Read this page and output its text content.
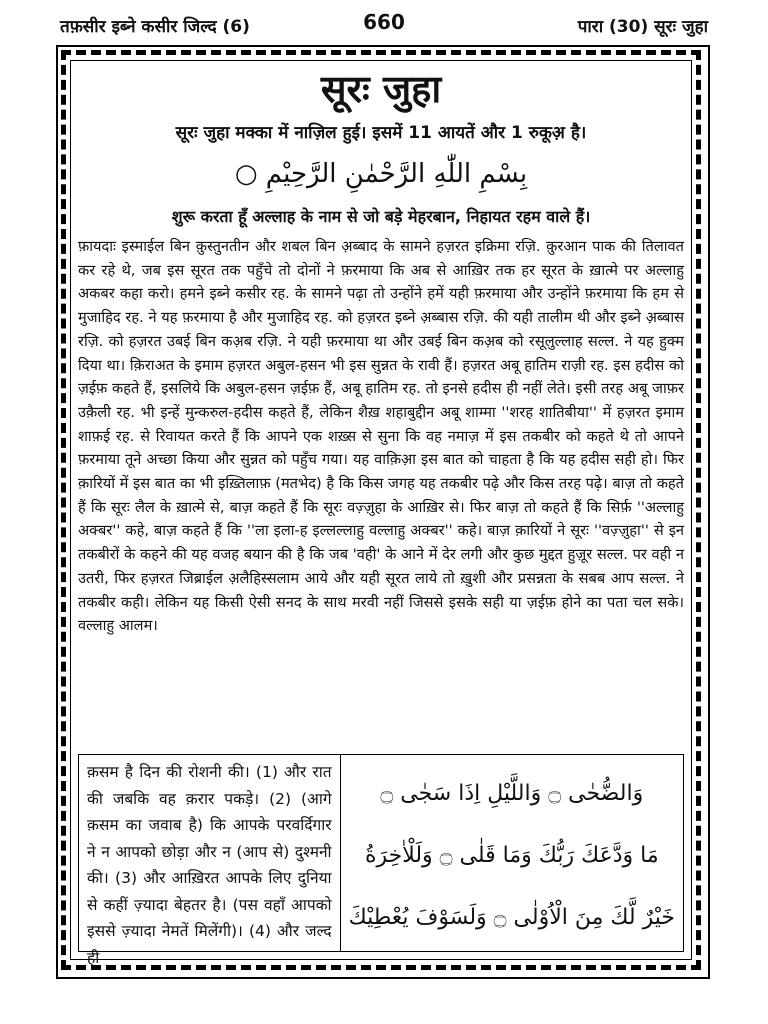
तफ़सीर इब्ने कसीर जिल्द (6)	660	पारा (30) सूरः जुहा
सूरः जुहा
सूरः जुहा मक्का में नाज़िल हुई। इसमें 11 आयतें और 1 रुकूअ़ है।
بِسْمِ اللّٰهِ الرَّحْمٰنِ الرَّحِيْمِ ○
शुरू करता हूँ अल्लाह के नाम से जो बड़े मेहरबान, निहायत रहम वाले हैं।
फ़ायदाः इस्माईल बिन क़ुस्तुनतीन और शबल बिन अ़ब्बाद के सामने हज़रत इक्रिमा रज़ि. क़ुरआन पाक की तिलावत कर रहे थे, जब इस सूरत तक पहुँचे तो दोनों ने फ़रमाया कि अब से आख़िर तक हर सूरत के ख़ात्मे पर अल्लाहु अकबर कहा करो। हमने इब्ने कसीर रह. के सामने पढ़ा तो उन्होंने हमें यही फ़रमाया और उन्होंने फ़रमाया कि हम से मुजाहिद रह. ने यह फ़रमाया है और मुजाहिद रह. को हज़रत इब्ने अ़ब्बास रज़ि. की यही तालीम थी और इब्ने अ़ब्बास रज़ि. को हज़रत उबई बिन कअ़ब रज़ि. ने यही फ़रमाया था और उबई बिन कअ़ब को रसूलुल्लाह सल्ल. ने यह हुक्म दिया था। क़िराअत के इमाम हज़रत अबुल-हसन भी इस सुन्नत के रावी हैं। हज़रत अबू हातिम राज़ी रह. इस हदीस को ज़ईफ़ कहते हैं, इसलिये कि अबुल-हसन ज़ईफ़ हैं, अबू हातिम रह. तो इनसे हदीस ही नहीं लेते। इसी तरह अबू जाफ़र उक़ैली रह. भी इन्हें मुन्करुल-हदीस कहते हैं, लेकिन शैख़ शहाबुद्दीन अबू शाम्मा ''शरह शातिबीया'' में हज़रत इमाम शाफ़ई रह. से रिवायत करते हैं कि आपने एक शख़्स से सुना कि वह नमाज़ में इस तकबीर को कहते थे तो आपने फ़रमाया तूने अच्छा किया और सुन्नत को पहुँच गया। यह वाक़िआ़ इस बात को चाहता है कि यह हदीस सही हो। फिर क़ारियों में इस बात का भी इख़्तिलाफ़ (मतभेद) है कि किस जगह यह तकबीर पढ़े और किस तरह पढ़े। बाज़ तो कहते हैं कि सूरः लैल के ख़ात्मे से, बाज़ कहते हैं कि सूरः वज़्ज़ुहा के आख़िर से। फिर बाज़ तो कहते हैं कि सिर्फ़ ''अल्लाहु अक्बर'' कहे, बाज़ कहते हैं कि ''ला इला-ह इल्लल्लाहु वल्लाहु अक्बर'' कहे। बाज़ क़ारियों ने सूरः ''वज़्ज़ुहा'' से इन तकबीरों के कहने की यह वजह बयान की है कि जब 'वही' के आने में देर लगी और कुछ मुद्दत हुज़ूर सल्ल. पर वही न उतरी, फिर हज़रत जिब्राईल अ़लैहिस्सलाम आये और यही सूरत लाये तो ख़ुशी और प्रसन्नता के सबब आप सल्ल. ने तकबीर कही। लेकिन यह किसी ऐसी सनद के साथ मरवी नहीं जिससे इसके सही या ज़ईफ़ होने का पता चल सके। वल्लाहु आलम।
क़सम है दिन की रोशनी की। (1) और रात की जबकि वह क़रार पकड़े। (2) (आगे क़सम का जवाब है) कि आपके परवर्दिगार ने न आपको छोड़ा और न (आप से) दुश्मनी की। (3) और आख़िरत आपके लिए दुनिया से कहीं ज़्यादा बेहतर है। (पस वहाँ आपको इससे ज़्यादा नेमतें मिलेंगी)। (4) और जल्द ही
وَالضُّحٰى ۝ وَاللَّيْلِ اِذَا سَجٰى ۝
مَا وَدَّعَكَ رَبُّكَ وَمَا قَلٰى ۝ وَلَلْاٰخِرَةُ
خَيْرٌ لَّكَ مِنَ الْاُوْلٰى ۝ وَلَسَوْفَ يُعْطِيْكَ
